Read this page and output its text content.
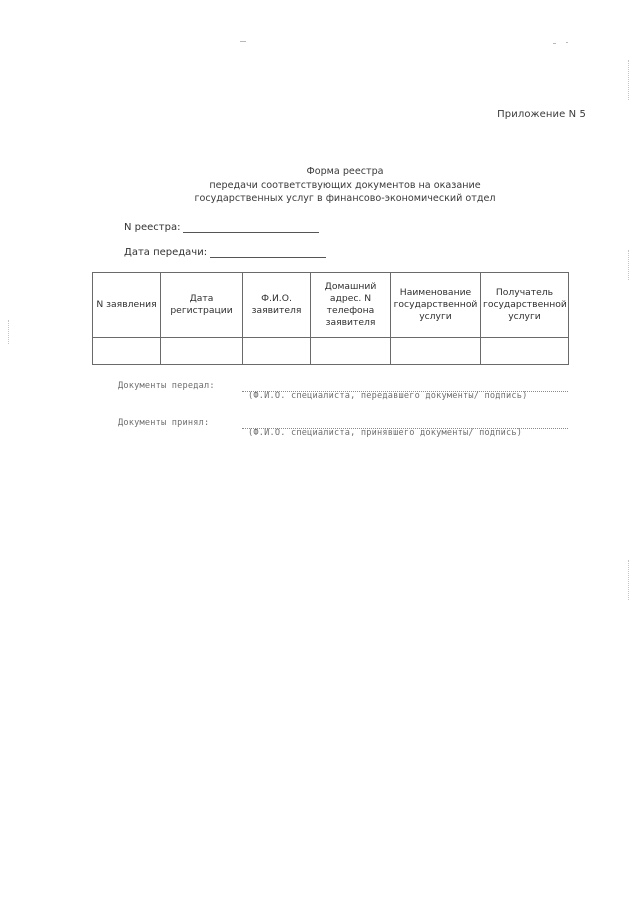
Приложение N 5
Форма реестра
передачи соответствующих документов на оказание
государственных услуг в финансово-экономический отдел
N реестра:
Дата передачи:
N заявления	Дата регистрации	Ф.И.О. заявителя	Домашний адрес. N телефона заявителя	Наименование государственной услуги	Получатель государственной услуги

Документы передал:
(Ф.И.О. специалиста, передавшего документы/ подпись)
Документы принял:
(Ф.И.О. специалиста, принявшего документы/ подпись)
